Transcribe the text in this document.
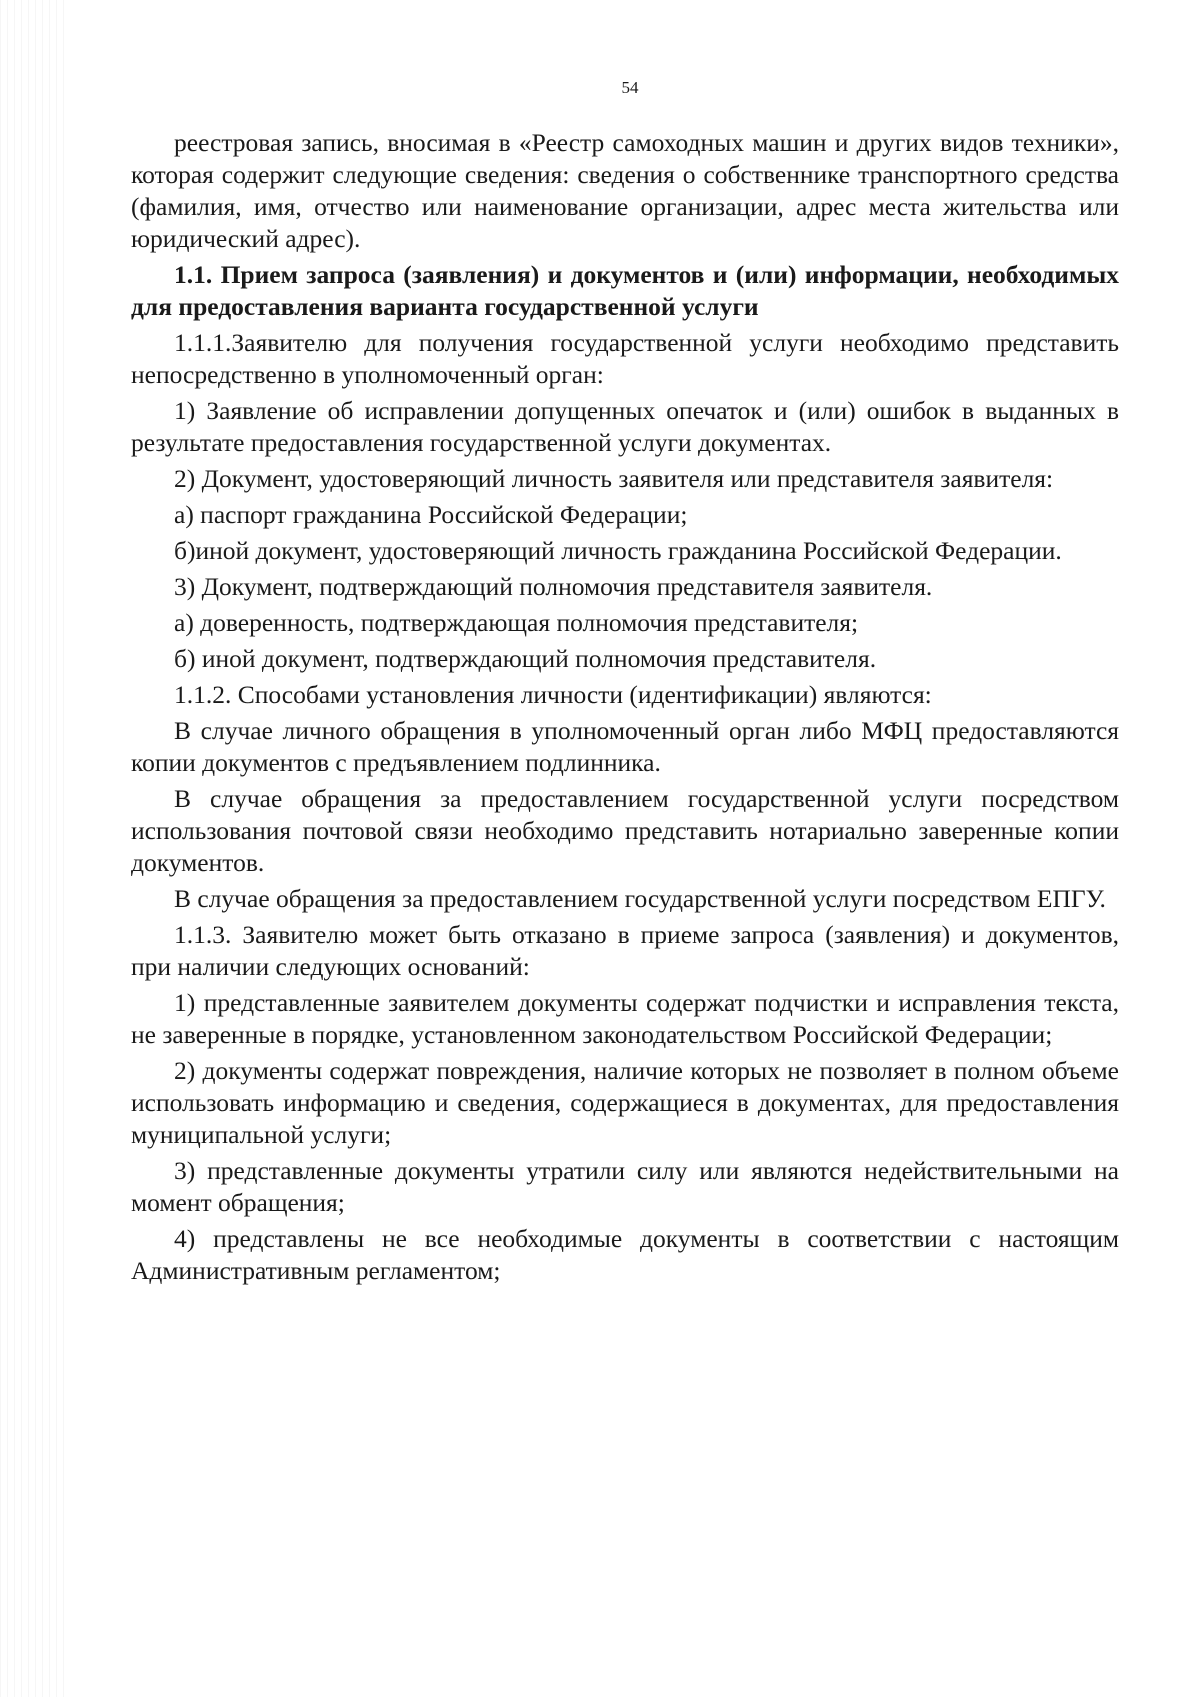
54

реестровая запись, вносимая в «Реестр самоходных машин и других видов техники», которая содержит следующие сведения: сведения о собственнике транспортного средства (фамилия, имя, отчество или наименование организации, адрес места жительства или юридический адрес).

1.1. Прием запроса (заявления) и документов и (или) информации, необходимых для предоставления варианта государственной услуги

1.1.1.Заявителю для получения государственной услуги необходимо представить непосредственно в уполномоченный орган:

1) Заявление об исправлении допущенных опечаток и (или) ошибок в выданных в результате предоставления государственной услуги документах.

2) Документ, удостоверяющий личность заявителя или представителя заявителя:

а) паспорт гражданина Российской Федерации;

б)иной документ, удостоверяющий личность гражданина Российской Федерации.

3) Документ, подтверждающий полномочия представителя заявителя.

а) доверенность, подтверждающая полномочия представителя;

б) иной документ, подтверждающий полномочия представителя.

1.1.2. Способами установления личности (идентификации) являются:

В случае личного обращения в уполномоченный орган либо МФЦ предоставляются копии документов с предъявлением подлинника.

В случае обращения за предоставлением государственной услуги посредством использования почтовой связи необходимо представить нотариально заверенные копии документов.

В случае обращения за предоставлением государственной услуги посредством ЕПГУ.

1.1.3. Заявителю может быть отказано в приеме запроса (заявления) и документов, при наличии следующих оснований:

1) представленные заявителем документы содержат подчистки и исправления текста, не заверенные в порядке, установленном законодательством Российской Федерации;

2) документы содержат повреждения, наличие которых не позволяет в полном объеме использовать информацию и сведения, содержащиеся в документах, для предоставления муниципальной услуги;

3) представленные документы утратили силу или являются недействительными на момент обращения;

4) представлены не все необходимые документы в соответствии с настоящим Административным регламентом;
